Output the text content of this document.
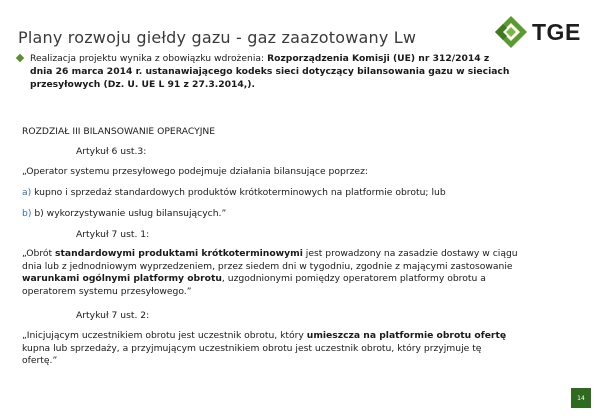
Plany rozwoju giełdy gazu - gaz zaazotowany Lw	TGE
Realizacja projektu wynika z obowiązku wdrożenia: Rozporządzenia Komisji (UE) nr 312/2014 z
dnia 26 marca 2014 r. ustanawiającego kodeks sieci dotyczący bilansowania gazu w sieciach
przesyłowych (Dz. U. UE L 91 z 27.3.2014,).
ROZDZIAŁ III BILANSOWANIE OPERACYJNE
Artykuł 6 ust.3:
„Operator systemu przesyłowego podejmuje działania bilansujące poprzez:
a) kupno i sprzedaż standardowych produktów krótkoterminowych na platformie obrotu; lub
b) b) wykorzystywanie usług bilansujących.”
Artykuł 7 ust. 1:
„Obrót standardowymi produktami krótkoterminowymi jest prowadzony na zasadzie dostawy w ciągu
dnia lub z jednodniowym wyprzedzeniem, przez siedem dni w tygodniu, zgodnie z mającymi zastosowanie
warunkami ogólnymi platformy obrotu, uzgodnionymi pomiędzy operatorem platformy obrotu a
operatorem systemu przesyłowego.”
Artykuł 7 ust. 2:
„Inicjującym uczestnikiem obrotu jest uczestnik obrotu, który umieszcza na platformie obrotu ofertę
kupna lub sprzedaży, a przyjmującym uczestnikiem obrotu jest uczestnik obrotu, który przyjmuje tę
ofertę.”
14
